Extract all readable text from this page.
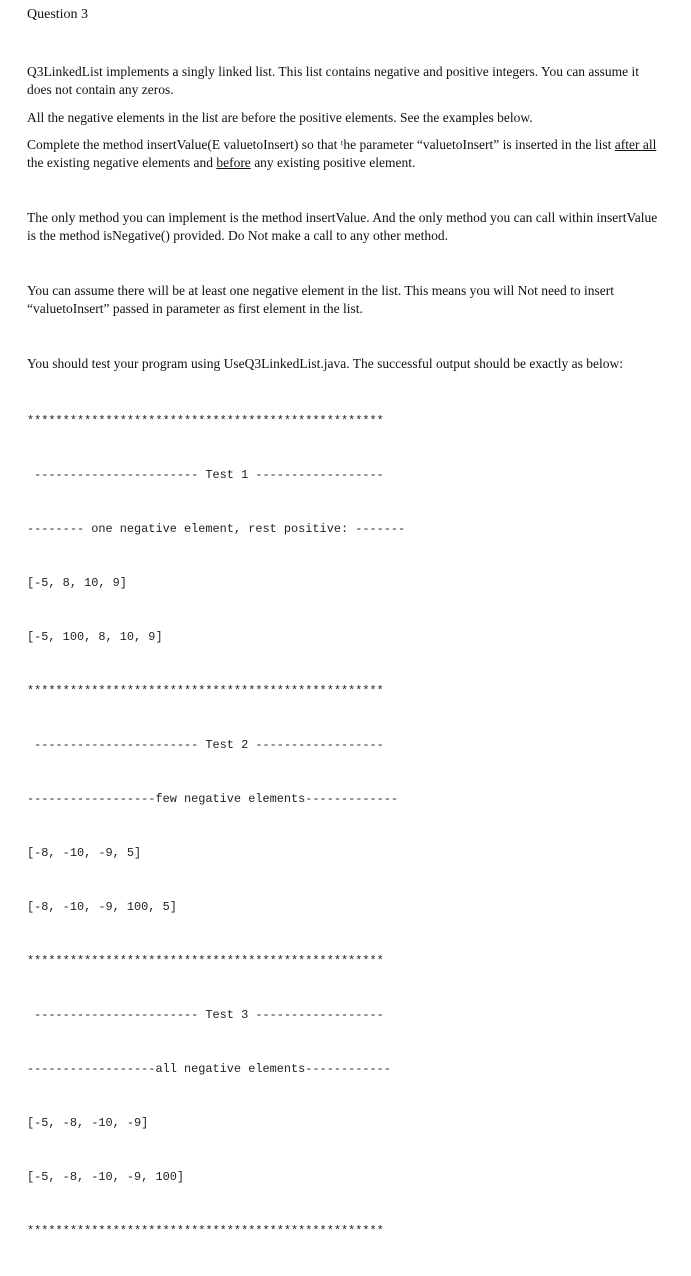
Question 3

Q3LinkedList implements a singly linked list. This list contains negative and positive integers. You can assume it does not contain any zeros.

All the negative elements in the list are before the positive elements. See the examples below.

Complete the method insertValue(E valuetoInsert) so that ᵗhe parameter “valuetoInsert” is inserted in the list after all the existing negative elements and before any existing positive element.

The only method you can implement is the method insertValue. And the only method you can call within insertValue is the method isNegative() provided. Do Not make a call to any other method.

You can assume there will be at least one negative element in the list. This means you will Not need to insert “valuetoInsert” passed in parameter as first element in the list.

You should test your program using UseQ3LinkedList.java. The successful output should be exactly as below:

**************************************************

----------------------- Test 1 ------------------

-------- one negative element, rest positive: -------

[-5, 8, 10, 9]

[-5, 100, 8, 10, 9]

**************************************************

----------------------- Test 2 ------------------

------------------few negative elements-------------

[-8, -10, -9, 5]

[-8, -10, -9, 100, 5]

**************************************************

----------------------- Test 3 ------------------

------------------all negative elements------------

[-5, -8, -10, -9]

[-5, -8, -10, -9, 100]

**************************************************
